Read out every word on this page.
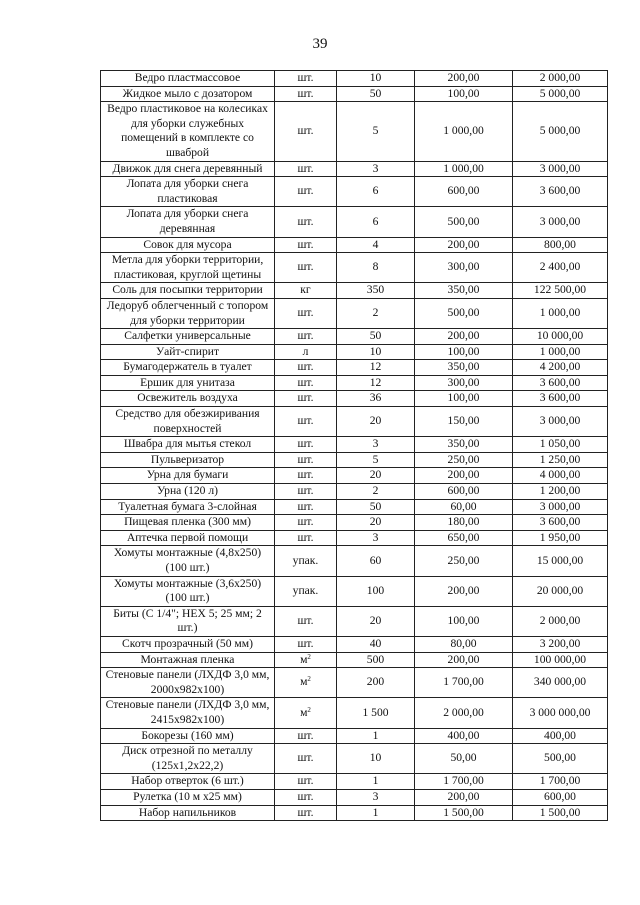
39
Ведро пластмассовое	шт.	10	200,00	2 000,00
Жидкое мыло с дозатором	шт.	50	100,00	5 000,00
Ведро пластиковое на колесиках для уборки служебных помещений в комплекте со шваброй	шт.	5	1 000,00	5 000,00
Движок для снега деревянный	шт.	3	1 000,00	3 000,00
Лопата для уборки снега пластиковая	шт.	6	600,00	3 600,00
Лопата для уборки снега деревянная	шт.	6	500,00	3 000,00
Совок для мусора	шт.	4	200,00	800,00
Метла для уборки территории, пластиковая, круглой щетины	шт.	8	300,00	2 400,00
Соль для посыпки территории	кг	350	350,00	122 500,00
Ледоруб облегченный с топором для уборки территории	шт.	2	500,00	1 000,00
Салфетки универсальные	шт.	50	200,00	10 000,00
Уайт-спирит	л	10	100,00	1 000,00
Бумагодержатель в туалет	шт.	12	350,00	4 200,00
Ершик для унитаза	шт.	12	300,00	3 600,00
Освежитель воздуха	шт.	36	100,00	3 600,00
Средство для обезжиривания поверхностей	шт.	20	150,00	3 000,00
Швабра для мытья стекол	шт.	3	350,00	1 050,00
Пульверизатор	шт.	5	250,00	1 250,00
Урна для бумаги	шт.	20	200,00	4 000,00
Урна (120 л)	шт.	2	600,00	1 200,00
Туалетная бумага 3-слойная	шт.	50	60,00	3 000,00
Пищевая пленка (300 мм)	шт.	20	180,00	3 600,00
Аптечка первой помощи	шт.	3	650,00	1 950,00
Хомуты монтажные (4,8x250) (100 шт.)	упак.	60	250,00	15 000,00
Хомуты монтажные (3,6x250) (100 шт.)	упак.	100	200,00	20 000,00
Биты (С 1/4"; HEX 5; 25 мм; 2 шт.)	шт.	20	100,00	2 000,00
Скотч прозрачный (50 мм)	шт.	40	80,00	3 200,00
Монтажная пленка	$м^2$	500	200,00	100 000,00
Стеновые панели (ЛХДФ 3,0 мм, 2000x982x100)	$м^2$	200	1 700,00	340 000,00
Стеновые панели (ЛХДФ 3,0 мм, 2415x982x100)	$м^2$	1 500	2 000,00	3 000 000,00
Бокорезы (160 мм)	шт.	1	400,00	400,00
Диск отрезной по металлу (125x1,2x22,2)	шт.	10	50,00	500,00
Набор отверток (6 шт.)	шт.	1	1 700,00	1 700,00
Рулетка (10 м x25 мм)	шт.	3	200,00	600,00
Набор напильников	шт.	1	1 500,00	1 500,00
